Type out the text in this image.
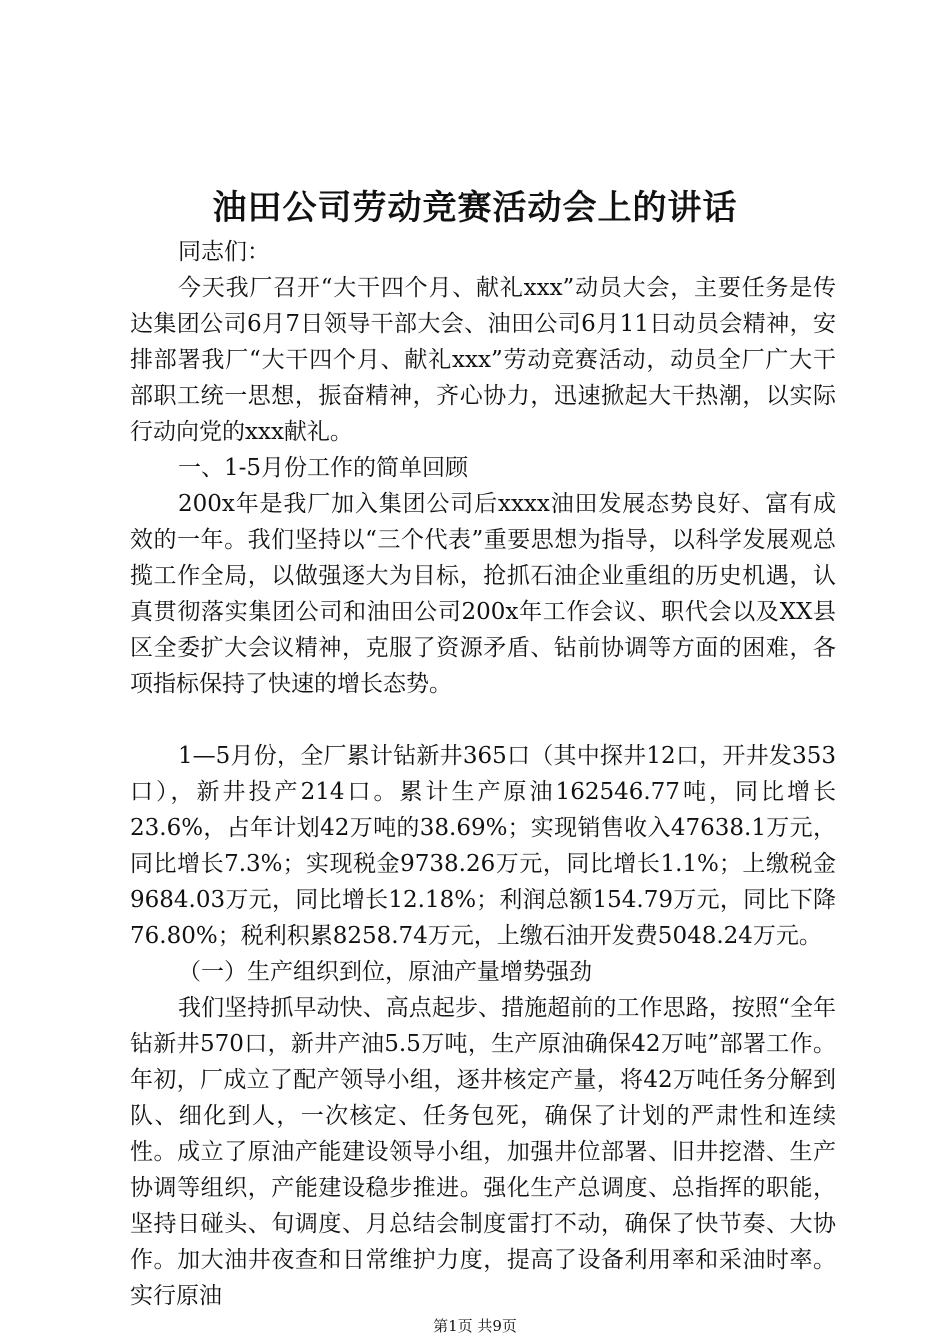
油田公司劳动竞赛活动会上的讲话

同志们：

今天我厂召开“大干四个月、献礼xxx”动员大会，主要任务是传达集团公司6月7日领导干部大会、油田公司6月11日动员会精神，安排部署我厂“大干四个月、献礼xxx”劳动竞赛活动，动员全厂广大干部职工统一思想，振奋精神，齐心协力，迅速掀起大干热潮，以实际行动向党的xxx献礼。

一、1-5月份工作的简单回顾

200x年是我厂加入集团公司后xxxx油田发展态势良好、富有成效的一年。我们坚持以“三个代表”重要思想为指导，以科学发展观总揽工作全局，以做强逐大为目标，抢抓石油企业重组的历史机遇，认真贯彻落实集团公司和油田公司200x年工作会议、职代会以及XX县区全委扩大会议精神，克服了资源矛盾、钻前协调等方面的困难，各项指标保持了快速的增长态势。

1—5月份，全厂累计钻新井365口（其中探井12口，开井发353口），新井投产214口。累计生产原油162546.77吨，同比增长23.6%，占年计划42万吨的38.69%；实现销售收入47638.1万元，同比增长7.3%；实现税金9738.26万元，同比增长1.1%；上缴税金9684.03万元，同比增长12.18%；利润总额154.79万元，同比下降76.80%；税利积累8258.74万元，上缴石油开发费5048.24万元。

（一）生产组织到位，原油产量增势强劲

我们坚持抓早动快、高点起步、措施超前的工作思路，按照“全年钻新井570口，新井产油5.5万吨，生产原油确保42万吨”部署工作。年初，厂成立了配产领导小组，逐井核定产量，将42万吨任务分解到队、细化到人，一次核定、任务包死，确保了计划的严肃性和连续性。成立了原油产能建设领导小组，加强井位部署、旧井挖潜、生产协调等组织，产能建设稳步推进。强化生产总调度、总指挥的职能，坚持日碰头、旬调度、月总结会制度雷打不动，确保了快节奏、大协作。加大油井夜查和日常维护力度，提高了设备利用率和采油时率。实行原油

第1页 共9页
